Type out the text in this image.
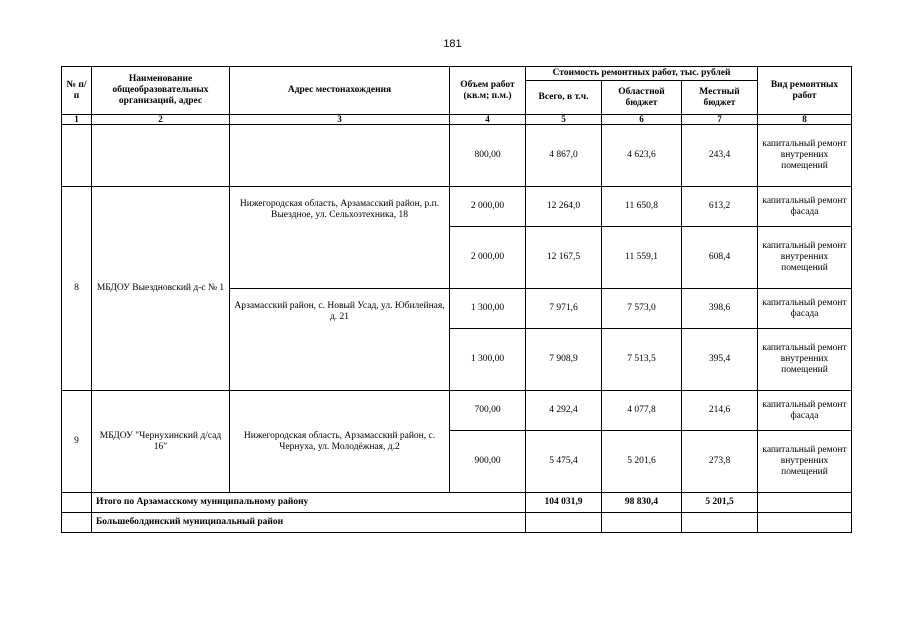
181
№ п/п	Наименование общеобразовательных организаций, адрес	Адрес местонахождения	Объем работ (кв.м; п.м.)	Стоимость ремонтных работ, тыс. рублей			Вид ремонтных работ
				Всего, в т.ч.	Областной бюджет	Местный бюджет	
1	2	3	4	5	6	7	8
			800,00	4 867,0	4 623,6	243,4	капитальный ремонт внутренних помещений
8	МБДОУ Выездновский д-с № 1	Нижегородская область, Арзамасский район, р.п. Выездное, ул. Сельхозтехника, 18	2 000,00	12 264,0	11 650,8	613,2	капитальный ремонт фасада
			2 000,00	12 167,5	11 559,1	608,4	капитальный ремонт внутренних помещений
		Арзамасский район, с. Новый Усад, ул. Юбилейная, д. 21	1 300,00	7 971,6	7 573,0	398,6	капитальный ремонт фасада
			1 300,00	7 908,9	7 513,5	395,4	капитальный ремонт внутренних помещений
9	МБДОУ "Чернухинский д/сад 16"	Нижегородская область, Арзамасский район, с. Чернуха, ул. Молодёжная, д.2	700,00	4 292,4	4 077,8	214,6	капитальный ремонт фасада
			900,00	5 475,4	5 201,6	273,8	капитальный ремонт внутренних помещений
	Итого по Арзамасскому муниципальному району			104 031,9	98 830,4	5 201,5	
	Большеболдинский муниципальный район						
